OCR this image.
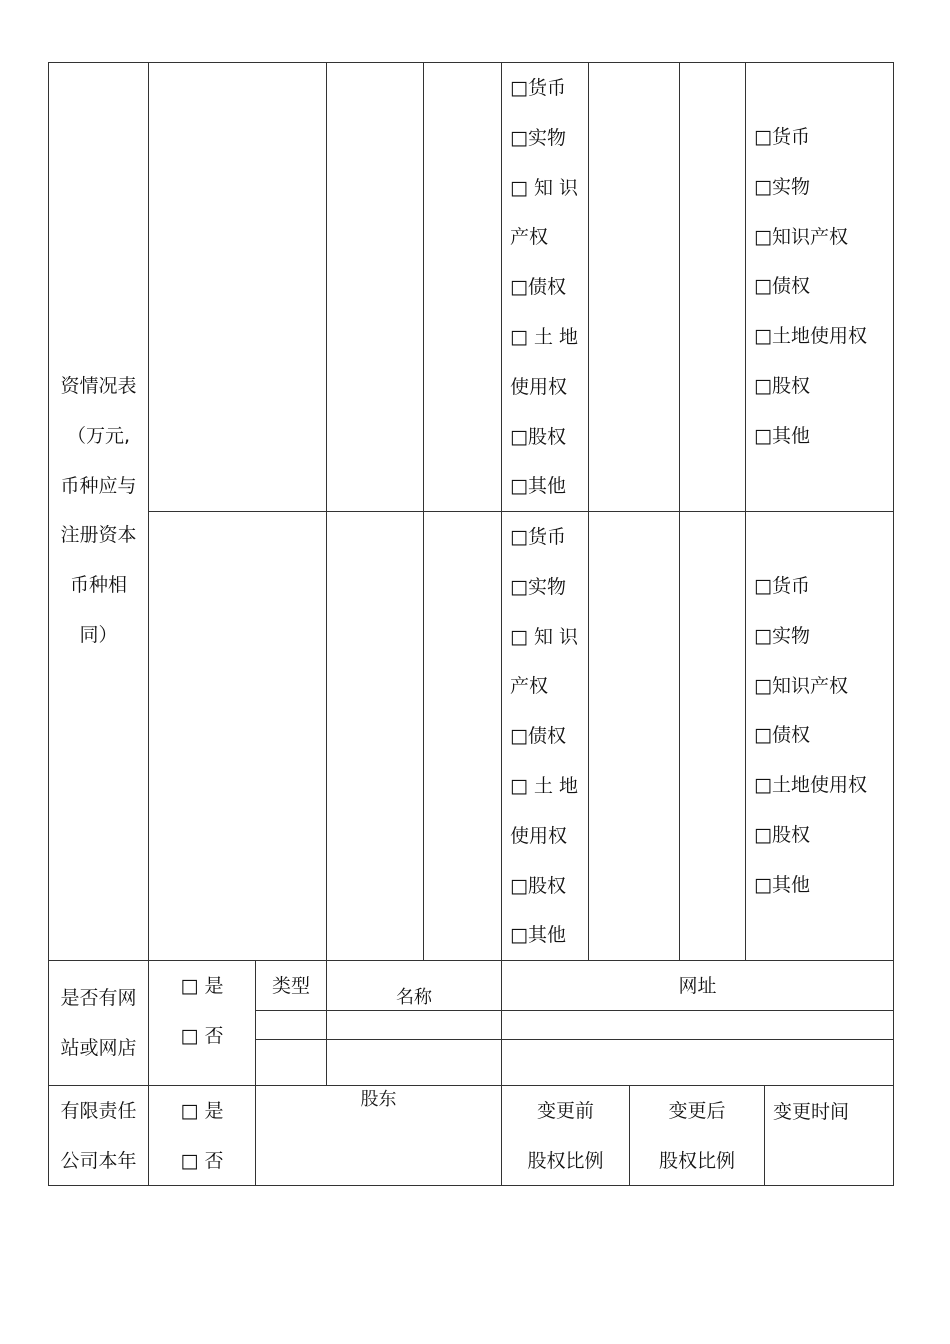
资情况表
（万元,
币种应与
注册资本
币种相
同）
□货币
□实物
□ 知 识
产权
□债权
□ 土 地
使用权
□股权
□其他
□货币
□实物
□知识产权
□债权
□土地使用权
□股权
□其他
□货币
□实物
□ 知 识
产权
□债权
□ 土 地
使用权
□股权
□其他
□货币
□实物
□知识产权
□债权
□土地使用权
□股权
□其他
是否有网
站或网店
□ 是
□ 否
类型
名称
网址
有限责任
公司本年
□ 是
□ 否
股东
变更前
股权比例
变更后
股权比例
变更时间
